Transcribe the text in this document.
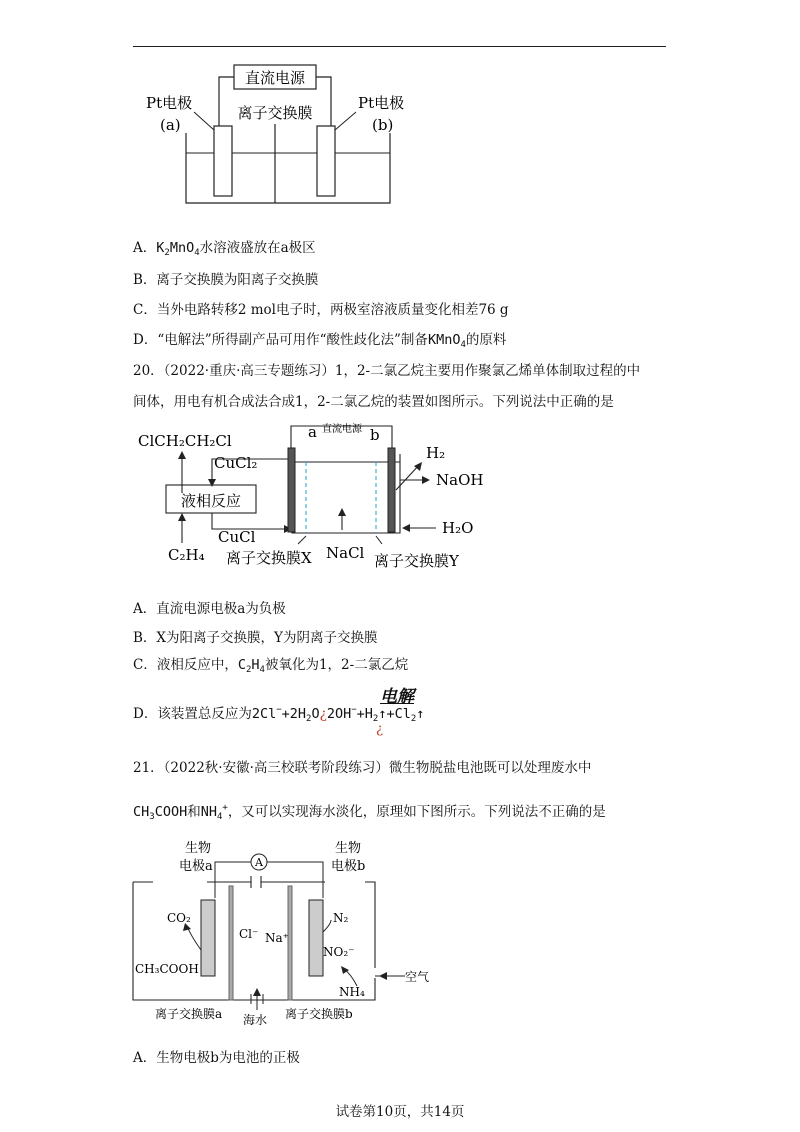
直流电源
离子交换膜
Pt电极
(a)
Pt电极
(b)
A．$K_2MnO_4$水溶液盛放在a极区
B．离子交换膜为阳离子交换膜
C．当外电路转移2 mol电子时，两极室溶液质量变化相差76 g
D．“电解法”所得副产品可用作“酸性歧化法”制备KMnO$_4$的原料
20．（2022·重庆·高三专题练习）1，2-二氯乙烷主要用作聚氯乙烯单体制取过程的中
间体，用电有机合成法合成1，2-二氯乙烷的装置如图所示。下列说法中正确的是
ClCH₂CH₂Cl
CuCl₂
液相反应
CuCl
C₂H₄
a 直流电源 b
H₂
NaOH
H₂O
NaCl
离子交换膜X	离子交换膜Y
A．直流电源电极a为负极
B．X为阳离子交换膜，Y为阴离子交换膜
C．液相反应中，$C_2H_4$被氧化为1，2-二氯乙烷
电解
D．该装置总反应为$2Cl^-+2H_2O¿2OH^-+H_2↑+Cl_2↑$
¿
21．（2022秋·安徽·高三校联考阶段练习）微生物脱盐电池既可以处理废水中
$CH_3COOH$和$NH_4^+$，又可以实现海水淡化，原理如下图所示。下列说法不正确的是
生物
电极a
生物
电极b
A
CO₂
CH₃COOH
Cl⁻ Na⁺
N₂
NO₂⁻
NH₄
空气
离子交换膜a 海水 离子交换膜b
A．生物电极b为电池的正极
试卷第10页，共14页
